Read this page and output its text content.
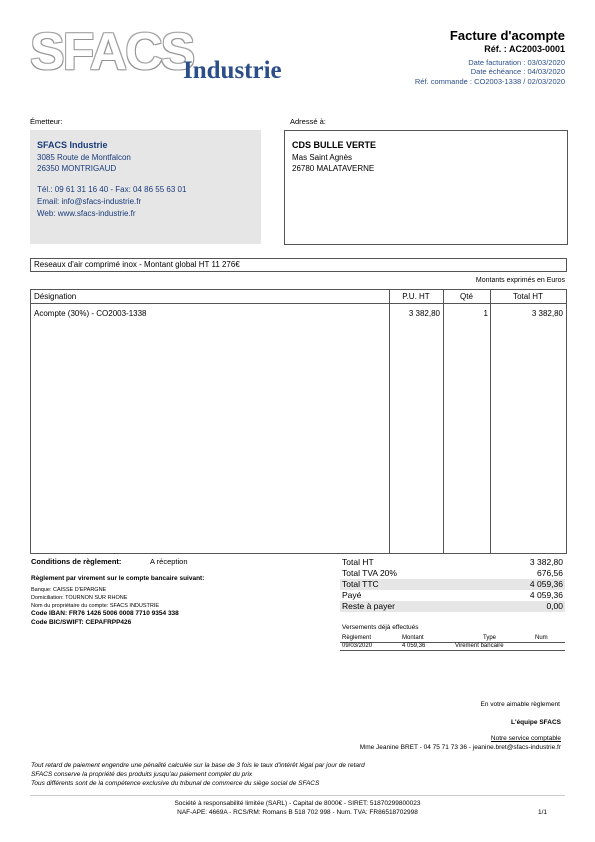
SFACS
Industrie
Facture d'acompte
Réf. : AC2003-0001
Date facturation : 03/03/2020
Date échéance : 04/03/2020
Réf. commande : CO2003-1338 / 02/03/2020
Émetteur:
SFACS Industrie
3085 Route de Montfalcon
26350 MONTRIGAUD
Tél.: 09 61 31 16 40 - Fax: 04 86 55 63 01
Email: info@sfacs-industrie.fr
Web: www.sfacs-industrie.fr
Adressé à:
CDS BULLE VERTE
Mas Saint Agnès
26780 MALATAVERNE
Reseaux d'air comprimé inox - Montant global HT 11 276€
Montants exprimés en Euros
Désignation	P.U. HT	Qté	Total HT
Acompte (30%) - CO2003-1338	3 382,80	1	3 382,80
Conditions de règlement:	A réception
Règlement par virement sur le compte bancaire suivant:
Banque: CAISSE D'EPARGNE
Domiciliation: TOURNON SUR RHONE
Nom du propriétaire du compte: SFACS INDUSTRIE
Code IBAN: FR76 1426 5006 0008 7710 9354 338
Code BIC/SWIFT: CEPAFRPP426
Total HT	3 382,80
Total TVA 20%	676,56
Total TTC	4 059,36
Payé	4 059,36
Reste à payer	0,00
Versements déjà effectués
Règlement	Montant	Type	Num
09/03/2020	4 059,36	Virement bancaire
En votre aimable règlement
L'équipe SFACS
Notre service comptable
Mme Jeanine BRET - 04 75 71 73 36 - jeanine.bret@sfacs-industrie.fr
Tout retard de paiement engendre une pénalité calculée sur la base de 3 fois le taux d'intérêt légal par jour de retard
SFACS conserve la propriété des produits jusqu'au paiement complet du prix
Tous différents sont de la compétence exclusive du tribunal de commerce du siège social de SFACS
Société à responsabilité limitée (SARL) - Capital de 8000€ - SIRET: 51870299800023
NAF-APE: 4669A - RCS/RM: Romans B 518 702 998 - Num. TVA: FR86518702998	1/1
